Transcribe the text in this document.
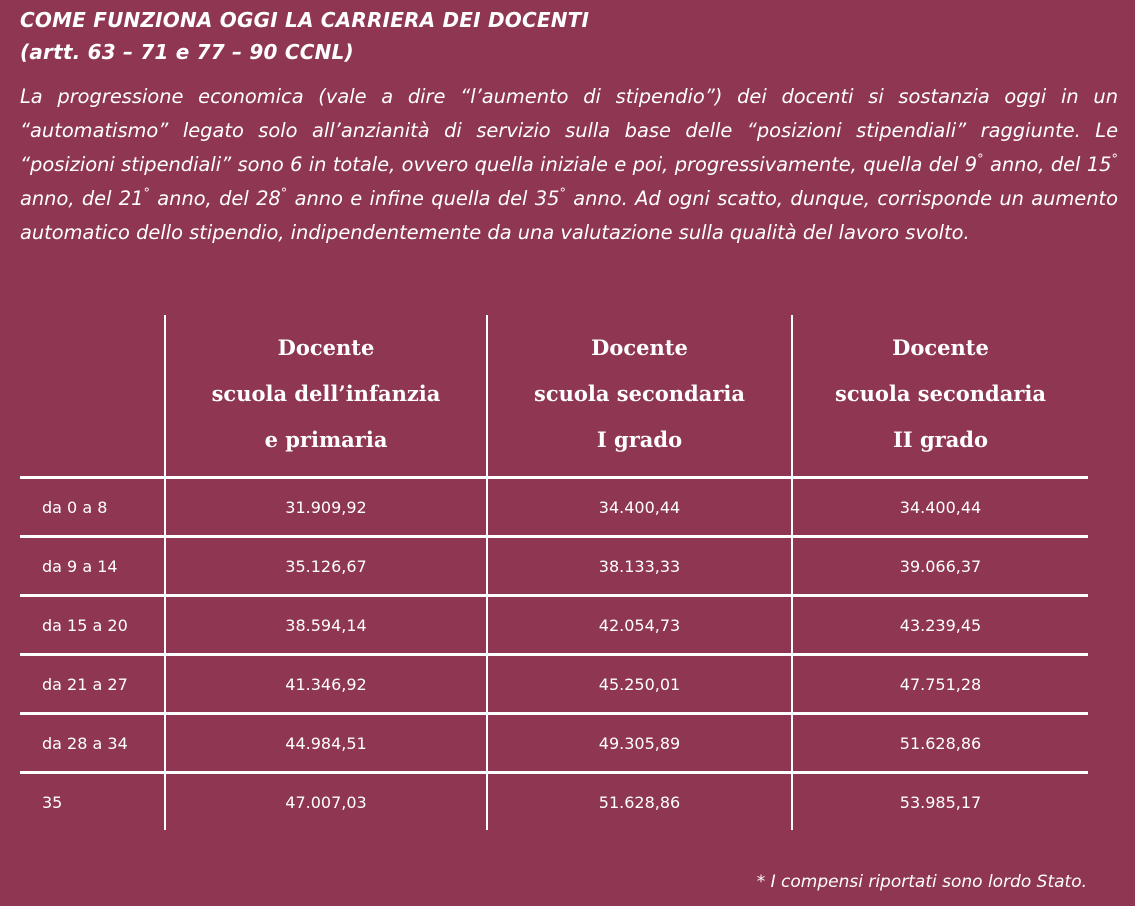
COME FUNZIONA OGGI LA CARRIERA DEI DOCENTI
(artt. 63 – 71 e 77 – 90 CCNL)

La progressione economica (vale a dire “l’aumento di stipendio”) dei docenti si sostanzia oggi in un “automatismo” legato solo all’anzianità di servizio sulla base delle “posizioni stipendiali” raggiunte. Le “posizioni stipendiali” sono 6 in totale, ovvero quella iniziale e poi, progressivamente, quella del 9° anno, del 15° anno, del 21° anno, del 28° anno e infine quella del 35° anno. Ad ogni scatto, dunque, corrisponde un aumento automatico dello stipendio, indipendentemente da una valutazione sulla qualità del lavoro svolto.

	Docente
scuola dell’infanzia
e primaria	Docente
scuola secondaria
I grado	Docente
scuola secondaria
II grado

da 0 a 8	31.909,92	34.400,44	34.400,44
da 9 a 14	35.126,67	38.133,33	39.066,37
da 15 a 20	38.594,14	42.054,73	43.239,45
da 21 a 27	41.346,92	45.250,01	47.751,28
da 28 a 34	44.984,51	49.305,89	51.628,86
35	47.007,03	51.628,86	53.985,17

* I compensi riportati sono lordo Stato.
